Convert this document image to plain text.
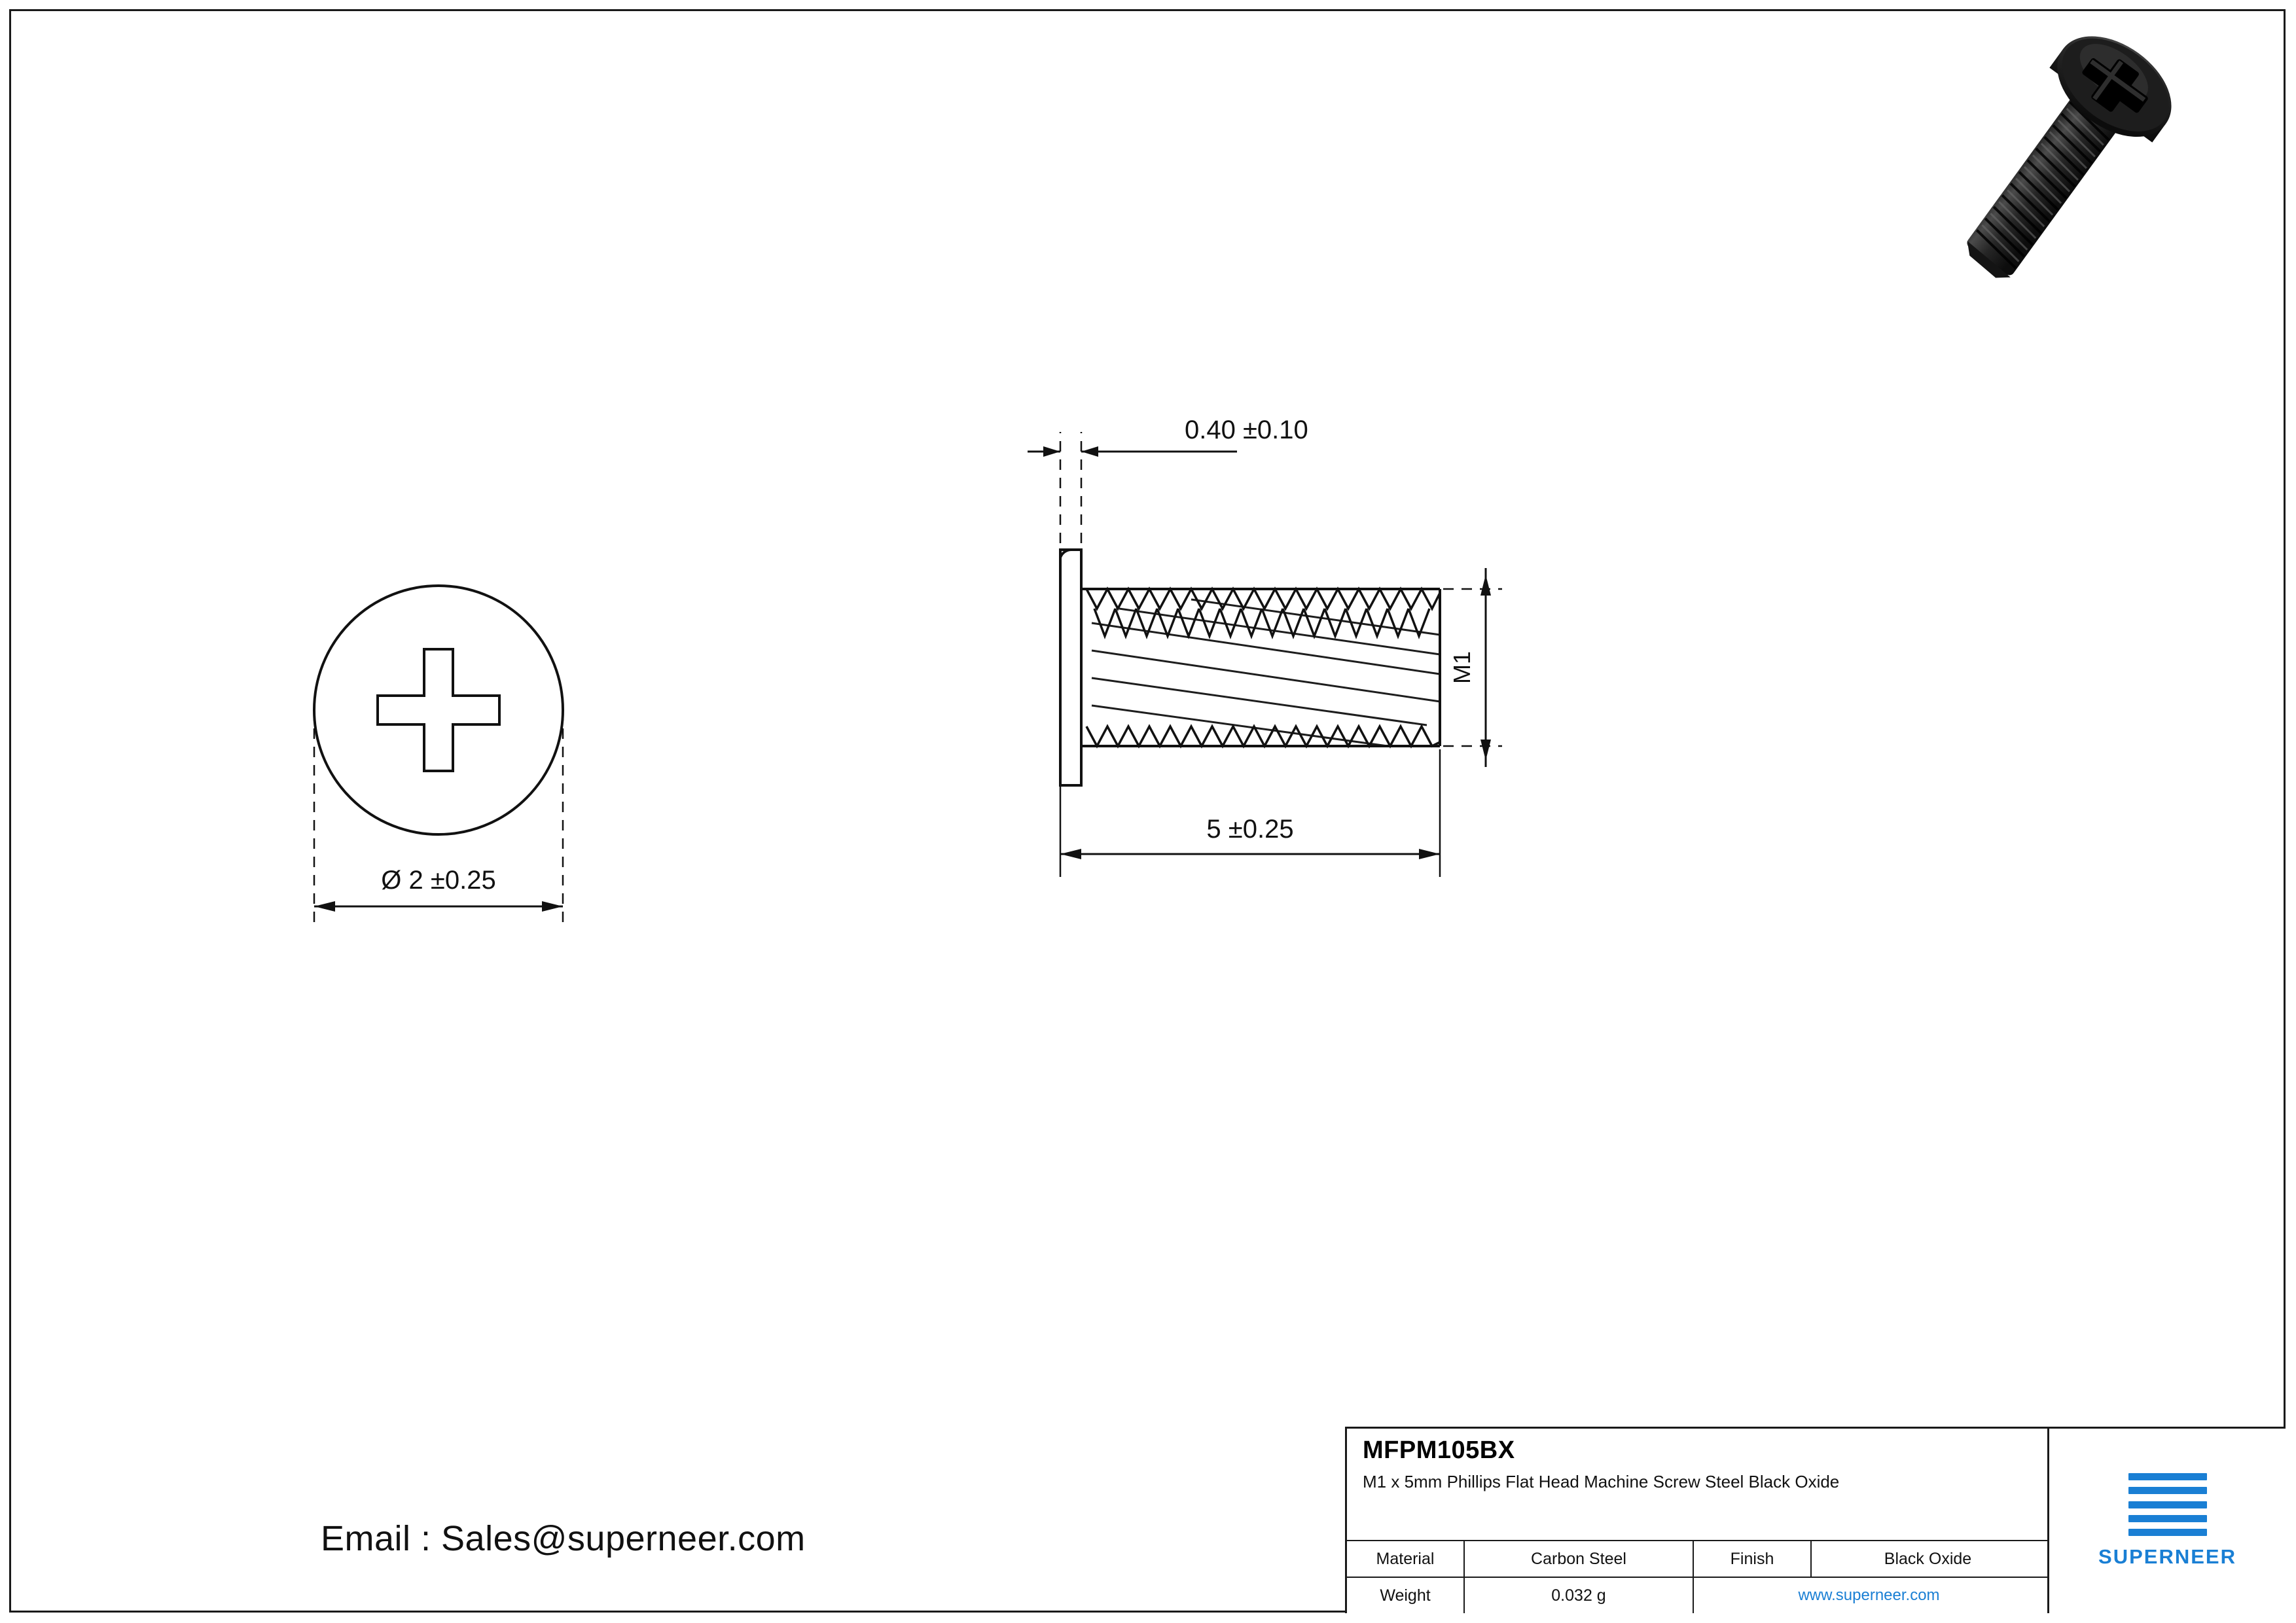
Ø 2 ±0.25
0.40 ±0.10
M1
5 ±0.25
Email : Sales@superneer.com
MFPM105BX
M1 x 5mm Phillips Flat Head Machine Screw Steel Black Oxide
Material	Carbon Steel	Finish	Black Oxide
Weight	0.032 g	www.superneer.com
SUPERNEER
